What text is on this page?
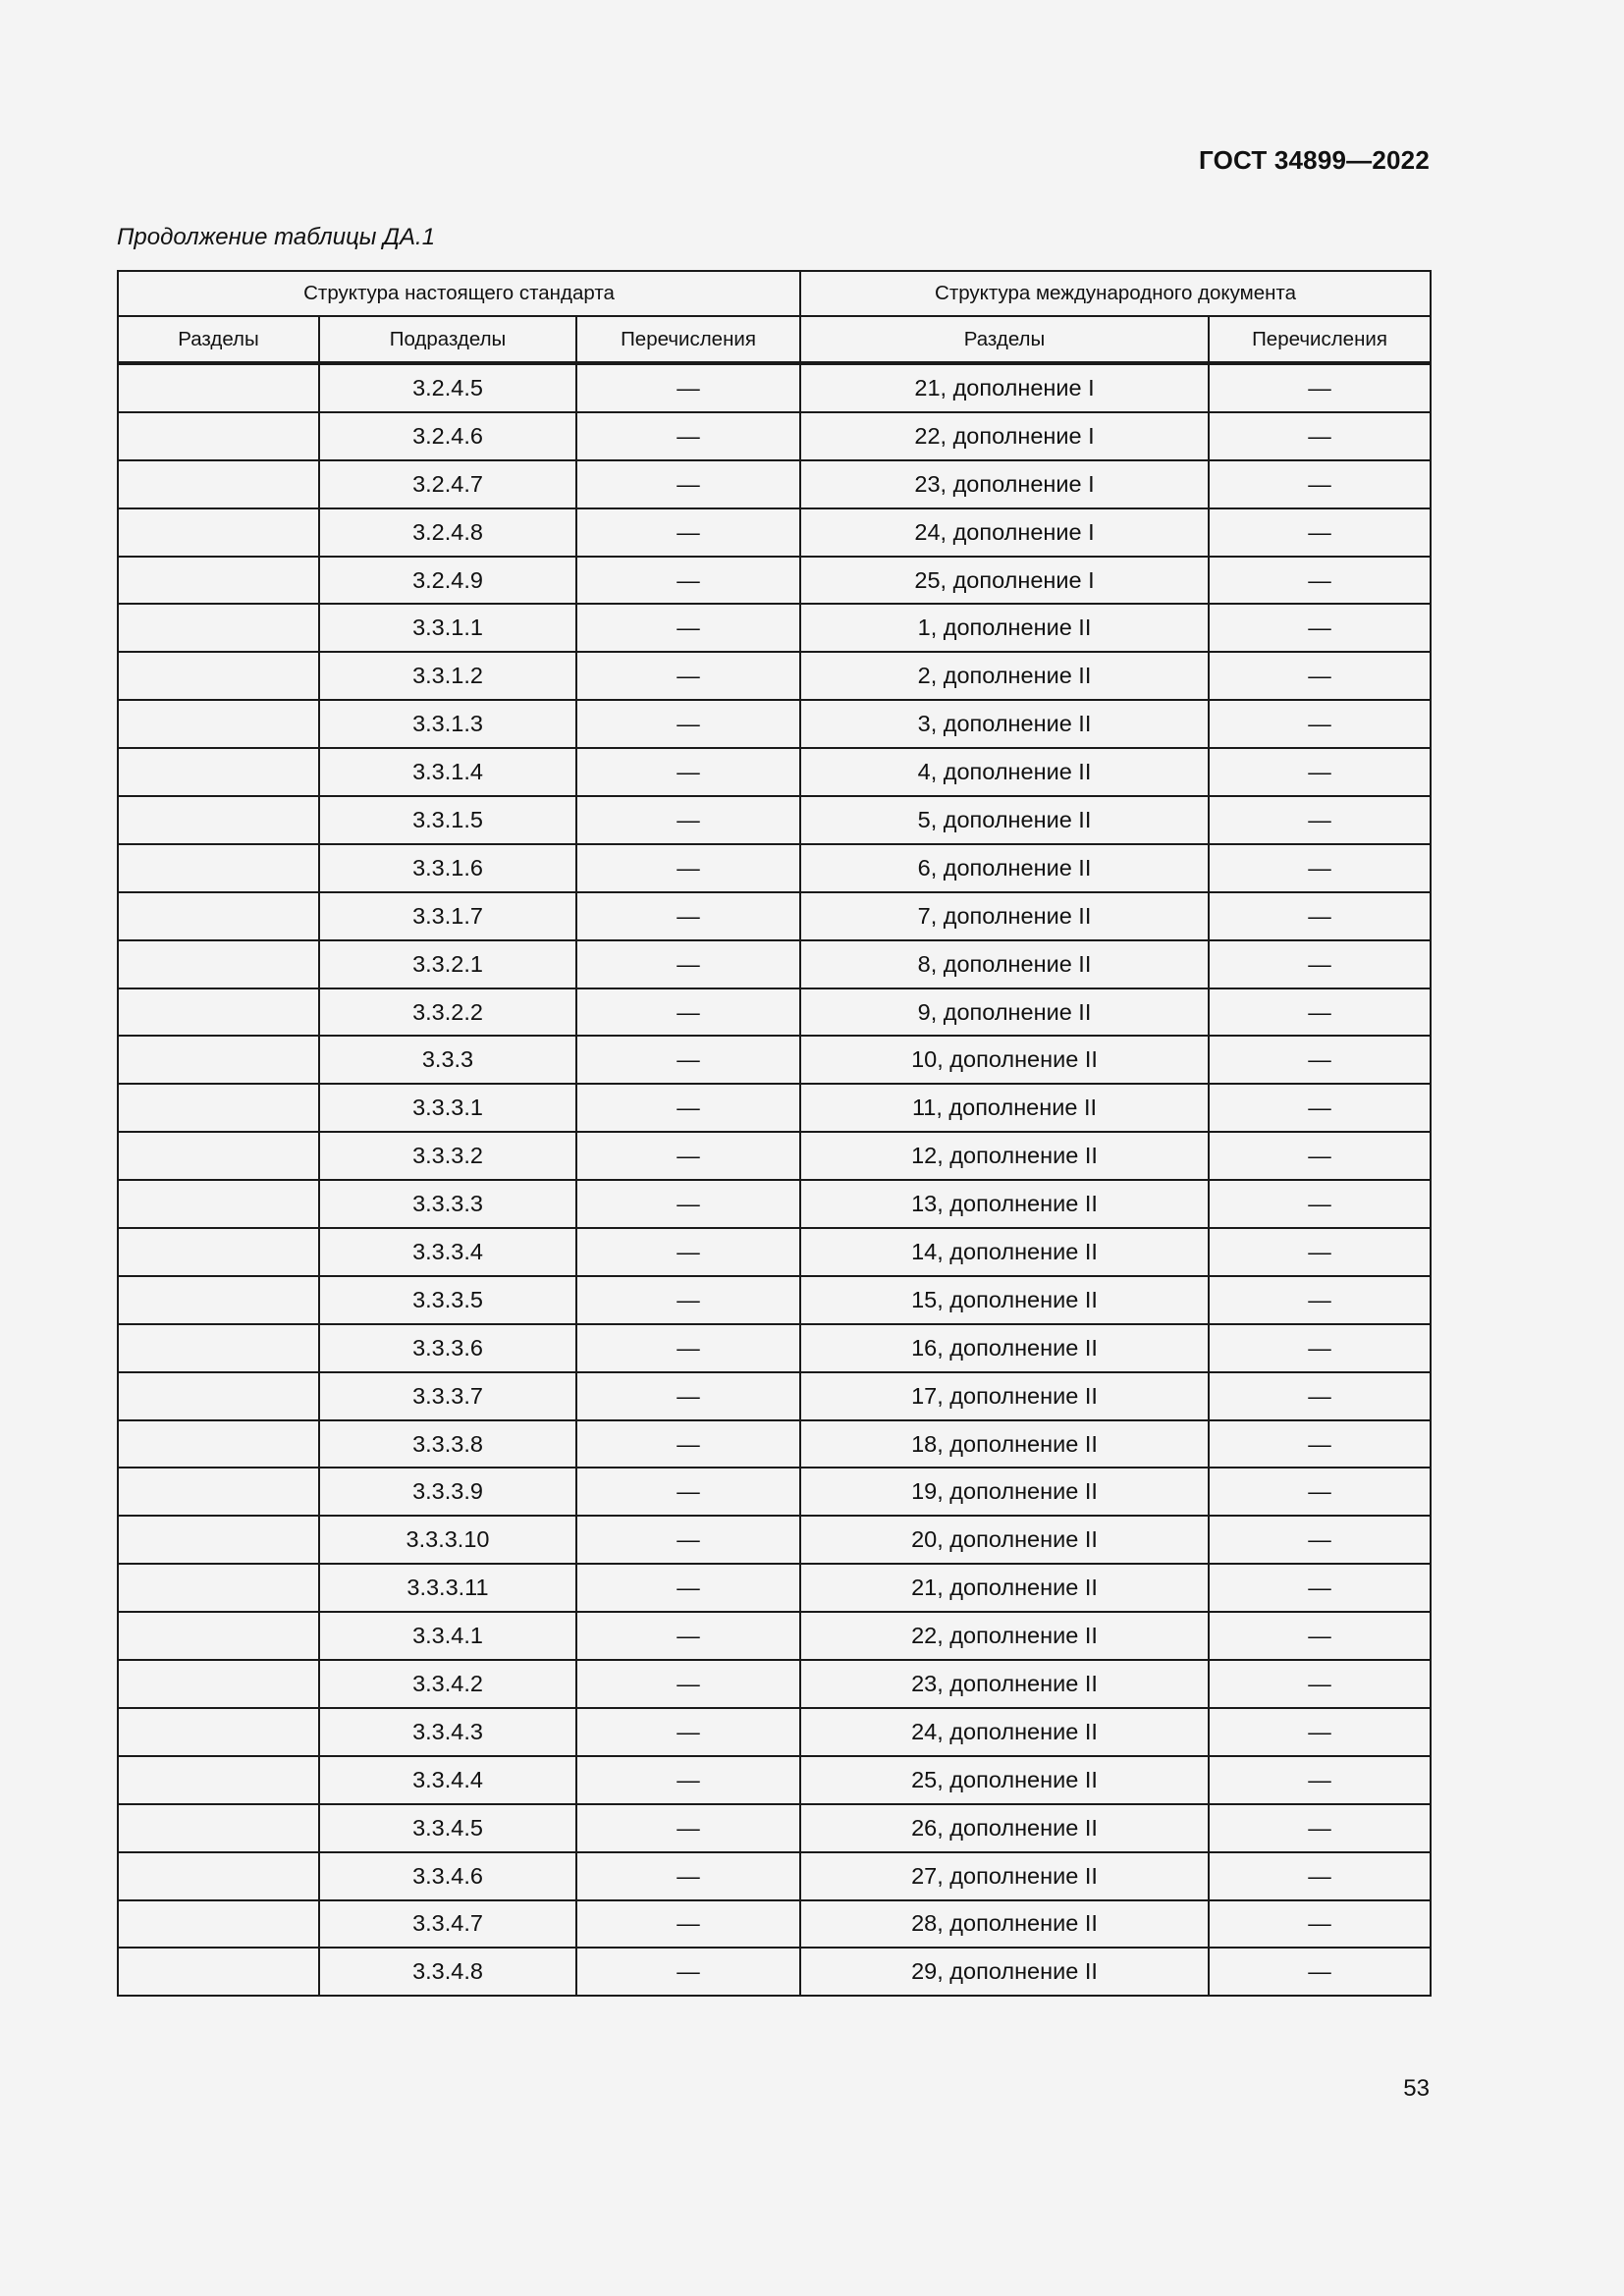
ГОСТ 34899—2022
Продолжение таблицы ДА.1
Структура настоящего стандарта			Структура международного документа	
Разделы	Подразделы	Перечисления	Разделы	Перечисления
	3.2.4.5	—	21, дополнение I	—
	3.2.4.6	—	22, дополнение I	—
	3.2.4.7	—	23, дополнение I	—
	3.2.4.8	—	24, дополнение I	—
	3.2.4.9	—	25, дополнение I	—
	3.3.1.1	—	1, дополнение II	—
	3.3.1.2	—	2, дополнение II	—
	3.3.1.3	—	3, дополнение II	—
	3.3.1.4	—	4, дополнение II	—
	3.3.1.5	—	5, дополнение II	—
	3.3.1.6	—	6, дополнение II	—
	3.3.1.7	—	7, дополнение II	—
	3.3.2.1	—	8, дополнение II	—
	3.3.2.2	—	9, дополнение II	—
	3.3.3	—	10, дополнение II	—
	3.3.3.1	—	11, дополнение II	—
	3.3.3.2	—	12, дополнение II	—
	3.3.3.3	—	13, дополнение II	—
	3.3.3.4	—	14, дополнение II	—
	3.3.3.5	—	15, дополнение II	—
	3.3.3.6	—	16, дополнение II	—
	3.3.3.7	—	17, дополнение II	—
	3.3.3.8	—	18, дополнение II	—
	3.3.3.9	—	19, дополнение II	—
	3.3.3.10	—	20, дополнение II	—
	3.3.3.11	—	21, дополнение II	—
	3.3.4.1	—	22, дополнение II	—
	3.3.4.2	—	23, дополнение II	—
	3.3.4.3	—	24, дополнение II	—
	3.3.4.4	—	25, дополнение II	—
	3.3.4.5	—	26, дополнение II	—
	3.3.4.6	—	27, дополнение II	—
	3.3.4.7	—	28, дополнение II	—
	3.3.4.8	—	29, дополнение II	—
53
